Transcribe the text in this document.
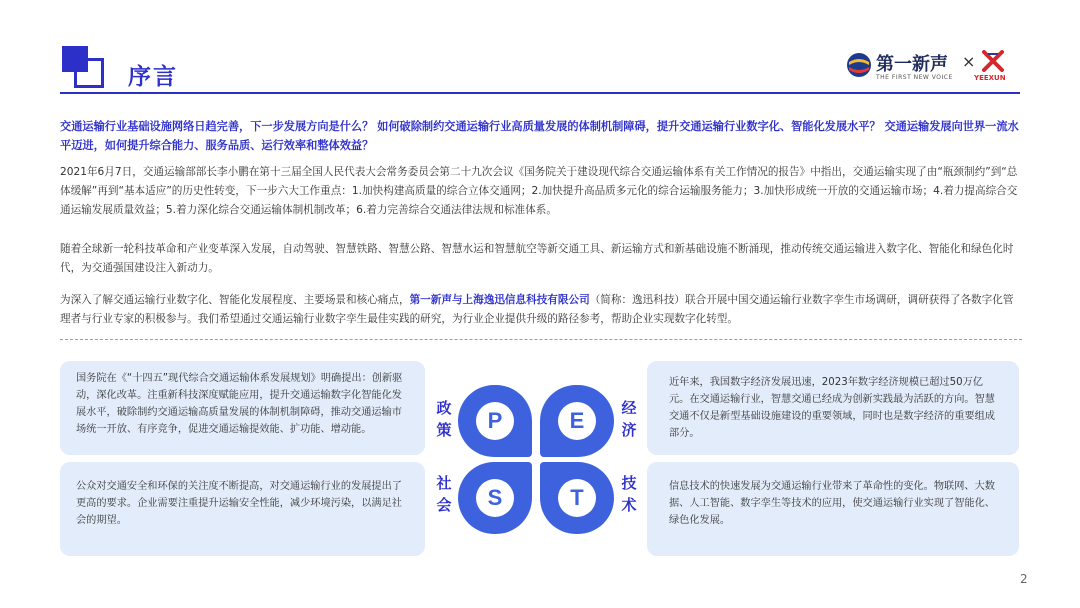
序言	第一新声
THE FIRST NEW VOICE
×
YEEXUN
交通运输行业基础设施网络日趋完善，下一步发展方向是什么？ 如何破除制约交通运输行业高质量发展的体制机制障碍，提升交通运输行业数字化、智能化发展水平？ 交通运输发展向世界一流水平迈进，如何提升综合能力、服务品质、运行效率和整体效益？
2021年6月7日，交通运输部部长李小鹏在第十三届全国人民代表大会常务委员会第二十九次会议《国务院关于建设现代综合交通运输体系有关工作情况的报告》中指出，交通运输实现了由“瓶颈制约”到“总体缓解”再到“基本适应”的历史性转变，下一步六大工作重点：1.加快构建高质量的综合立体交通网；2.加快提升高品质多元化的综合运输服务能力；3.加快形成统一开放的交通运输市场；4.着力提高综合交通运输发展质量效益；5.着力深化综合交通运输体制机制改革；6.着力完善综合交通法律法规和标准体系。
随着全球新一轮科技革命和产业变革深入发展，自动驾驶、智慧铁路、智慧公路、智慧水运和智慧航空等新交通工具、新运输方式和新基础设施不断涌现，推动传统交通运输进入数字化、智能化和绿色化时代，为交通强国建设注入新动力。
为深入了解交通运输行业数字化、智能化发展程度、主要场景和核心痛点，第一新声与上海逸迅信息科技有限公司（简称：逸迅科技）联合开展中国交通运输行业数字孪生市场调研，调研获得了各数字化管理者与行业专家的积极参与。我们希望通过交通运输行业数字孪生最佳实践的研究，为行业企业提供升级的路径参考，帮助企业实现数字化转型。
国务院在《“十四五”现代综合交通运输体系发展规划》明确提出：创新驱动，深化改革。注重新科技深度赋能应用，提升交通运输数字化智能化发展水平，破除制约交通运输高质量发展的体制机制障碍，推动交通运输市场统一开放、有序竞争，促进交通运输提效能、扩功能、增动能。
近年来，我国数字经济发展迅速，2023年数字经济规模已超过50万亿元。在交通运输行业，智慧交通已经成为创新实践最为活跃的方向。智慧交通不仅是新型基础设施建设的重要领域，同时也是数字经济的重要组成部分。
公众对交通安全和环保的关注度不断提高，对交通运输行业的发展提出了更高的要求。企业需要注重提升运输安全性能，减少环境污染，以满足社会的期望。
信息技术的快速发展为交通运输行业带来了革命性的变化。物联网、大数据、人工智能、数字孪生等技术的应用，使交通运输行业实现了智能化、绿色化发展。
政策
经济
社会
技术
P	E
S	T
2
